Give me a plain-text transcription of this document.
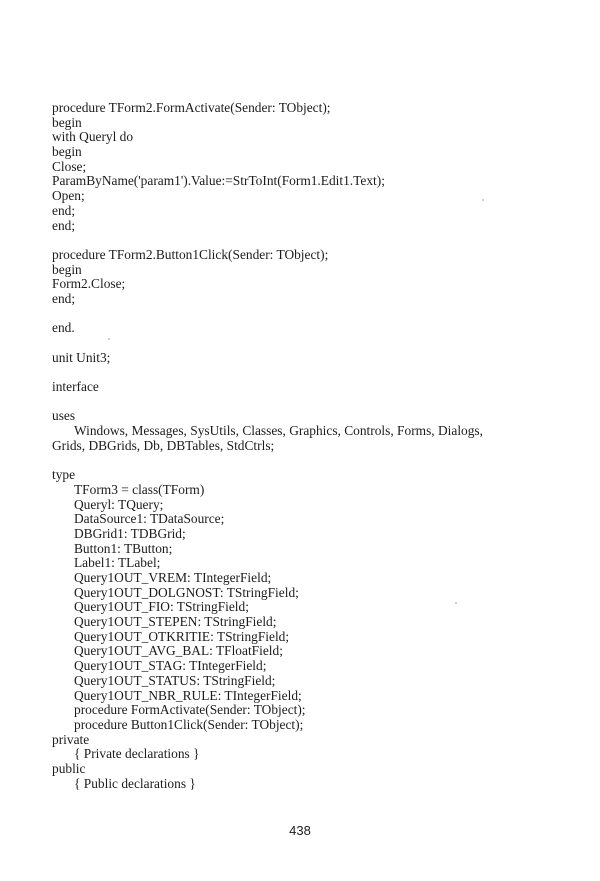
procedure TForm2.FormActivate(Sender: TObject);
begin
with Queryl do
begin
Close;
ParamByName('param1').Value:=StrToInt(Form1.Edit1.Text);
Open;
end;
end;
procedure TForm2.Button1Click(Sender: TObject);
begin
Form2.Close;
end;
end.
unit Unit3;
interface
uses
Windows, Messages, SysUtils, Classes, Graphics, Controls, Forms, Dialogs,
Grids, DBGrids, Db, DBTables, StdCtrls;
type
TForm3 = class(TForm)
Queryl: TQuery;
DataSource1: TDataSource;
DBGrid1: TDBGrid;
Button1: TButton;
Label1: TLabel;
Query1OUT_VREM: TIntegerField;
Query1OUT_DOLGNOST: TStringField;
Query1OUT_FIO: TStringField;
Query1OUT_STEPEN: TStringField;
Query1OUT_OTKRITIE: TStringField;
Query1OUT_AVG_BAL: TFloatField;
Query1OUT_STAG: TIntegerField;
Query1OUT_STATUS: TStringField;
Query1OUT_NBR_RULE: TIntegerField;
procedure FormActivate(Sender: TObject);
procedure Button1Click(Sender: TObject);
private
{ Private declarations }
public
{ Public declarations }
438
